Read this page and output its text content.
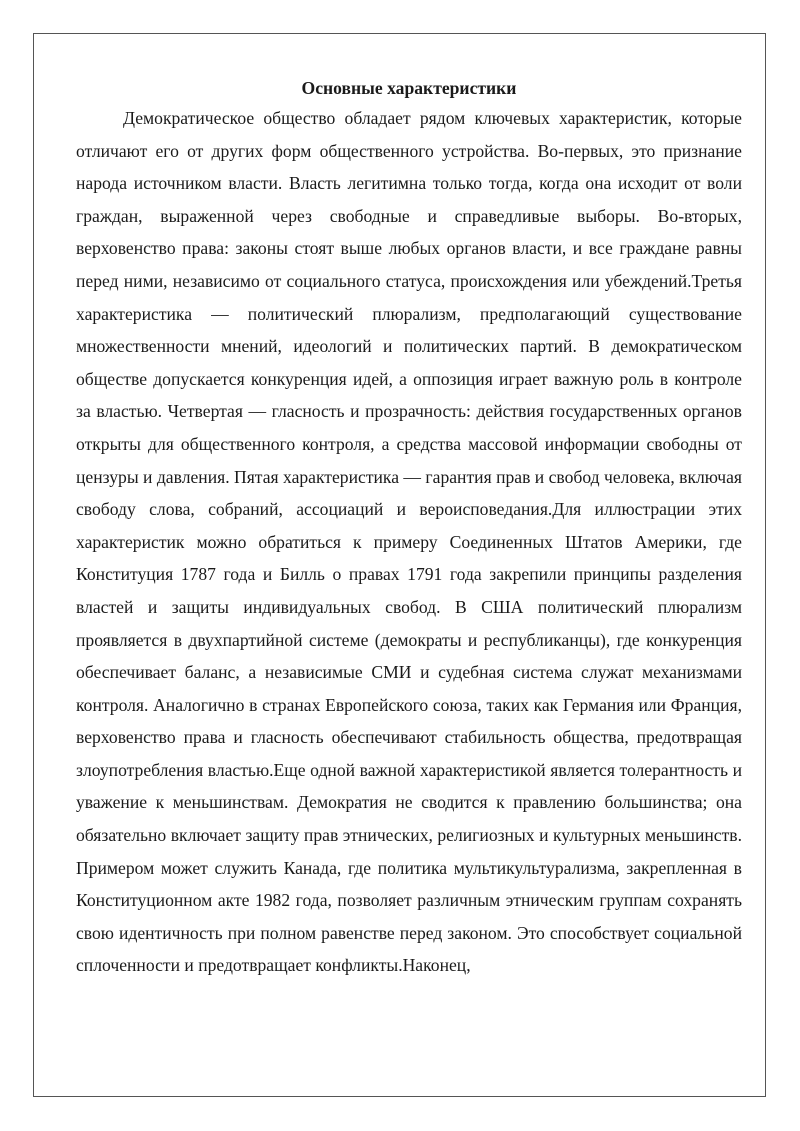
Основные характеристики

Демократическое общество обладает рядом ключевых характеристик, которые отличают его от других форм общественного устройства. Во-первых, это признание народа источником власти. Власть легитимна только тогда, когда она исходит от воли граждан, выраженной через свободные и справедливые выборы. Во-вторых, верховенство права: законы стоят выше любых органов власти, и все граждане равны перед ними, независимо от социального статуса, происхождения или убеждений.Третья характеристика — политический плюрализм, предполагающий существование множественности мнений, идеологий и политических партий. В демократическом обществе допускается конкуренция идей, а оппозиция играет важную роль в контроле за властью. Четвертая — гласность и прозрачность: действия государственных органов открыты для общественного контроля, а средства массовой информации свободны от цензуры и давления. Пятая характеристика — гарантия прав и свобод человека, включая свободу слова, собраний, ассоциаций и вероисповедания.Для иллюстрации этих характеристик можно обратиться к примеру Соединенных Штатов Америки, где Конституция 1787 года и Билль о правах 1791 года закрепили принципы разделения властей и защиты индивидуальных свобод. В США политический плюрализм проявляется в двухпартийной системе (демократы и республиканцы), где конкуренция обеспечивает баланс, а независимые СМИ и судебная система служат механизмами контроля. Аналогично в странах Европейского союза, таких как Германия или Франция, верховенство права и гласность обеспечивают стабильность общества, предотвращая злоупотребления властью.Еще одной важной характеристикой является толерантность и уважение к меньшинствам. Демократия не сводится к правлению большинства; она обязательно включает защиту прав этнических, религиозных и культурных меньшинств. Примером может служить Канада, где политика мультикультурализма, закрепленная в Конституционном акте 1982 года, позволяет различным этническим группам сохранять свою идентичность при полном равенстве перед законом. Это способствует социальной сплоченности и предотвращает конфликты.Наконец,
